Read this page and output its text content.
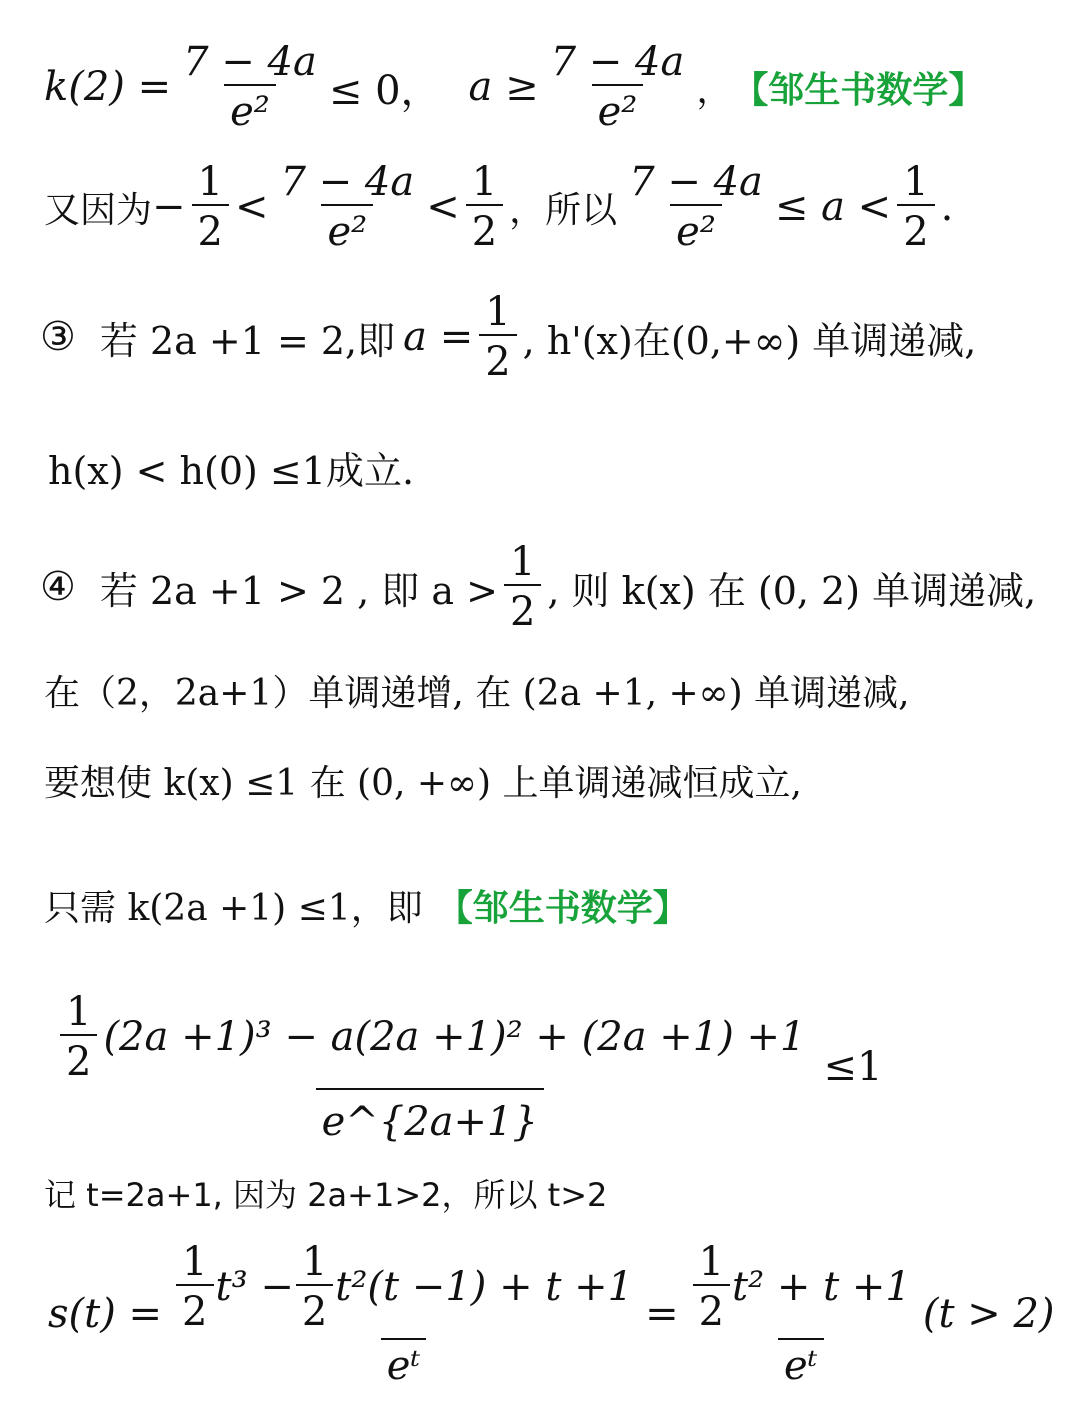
$k(2) = \frac{7 - 4a}{\text{e²}} \le 0$， $a \ge \frac{7 - 4a}{\text{e²}}$ ， 【邹生书数学】
又因为 − $\frac{1}{2} < \frac{7 - 4a}{\text{e²}} < \frac{1}{2}$ ，所以 $\frac{7 - 4a}{\text{e²}} \le a < \frac{1}{2}$ .
③ 若 2a +1 = 2,即 $a = \frac{1}{2}$ , h'(x)在(0,+∞) 单调递减,
h(x) < h(0) ≤1成立.
④ 若 2a +1 > 2 , 即 $a > \frac{1}{2}$ , 则 k(x) 在 (0, 2) 单调递减,
在（2，2a+1）单调递增, 在 (2a +1, +∞) 单调递减,
要想使 k(x) ≤1 在 (0, +∞) 上单调递减恒成立,
只需 k(2a +1) ≤1，即 【邹生书数学】
$\frac{\frac{1}{2} (2a +1)^3 - a(2a +1)^2 + (2a +1) +1}{e\^{}\{2a+1\}} \le 1$
记 t=2a+1, 因为 2a+1>2，所以 t>2
$s(t) = \frac{1}{2} t^3 - \frac{1}{2} t^2(t -1) + t +1$
eᵗ
= $\frac{\frac{1}{2} t^2 + t +1}{\text{eᵗ}} (t > 2)$
